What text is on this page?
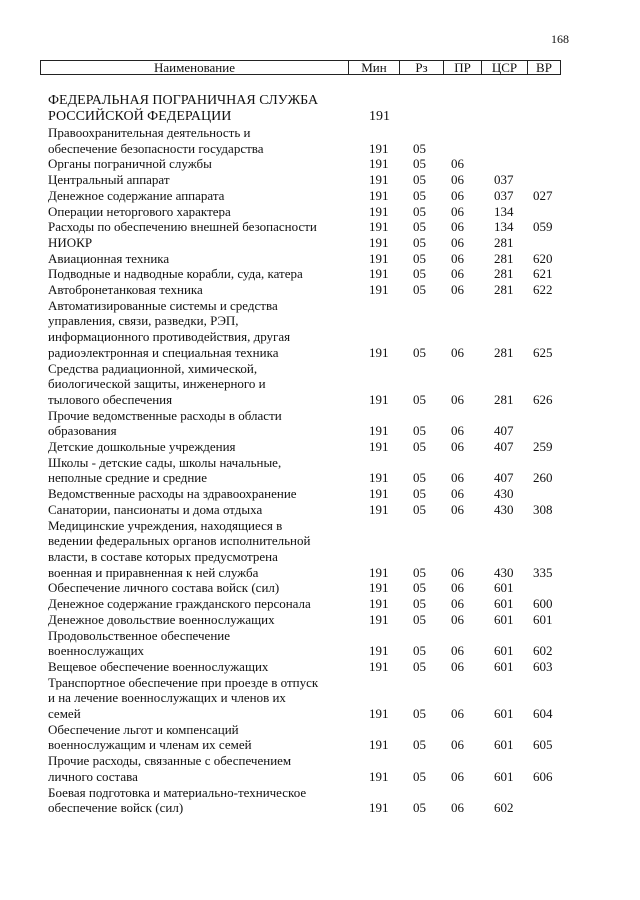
168
Наименование	Мин	Рз	ПР	ЦСР	ВР
ФЕДЕРАЛЬНАЯ ПОГРАНИЧНАЯ СЛУЖБА
РОССИЙСКОЙ ФЕДЕРАЦИИ	191
Правоохранительная деятельность и
обеспечение безопасности государства	191 05
Органы пограничной службы	191 05 06
Центральный аппарат	191 05 06 037
Денежное содержание аппарата	191 05 06 037 027
Операции неторгового характера	191 05 06 134
Расходы по обеспечению внешней безопасности	191 05 06 134 059
НИОКР	191 05 06 281
Авиационная техника	191 05 06 281 620
Подводные и надводные корабли, суда, катера	191 05 06 281 621
Автобронетанковая техника	191 05 06 281 622
Автоматизированные системы и средства
управления, связи, разведки, РЭП,
информационного противодействия, другая
радиоэлектронная и специальная техника	191 05 06 281 625
Средства радиационной, химической,
биологической защиты, инженерного и
тылового обеспечения	191 05 06 281 626
Прочие ведомственные расходы в области
образования	191 05 06 407
Детские дошкольные учреждения	191 05 06 407 259
Школы - детские сады, школы начальные,
неполные средние и средние	191 05 06 407 260
Ведомственные расходы на здравоохранение	191 05 06 430
Санатории, пансионаты и дома отдыха	191 05 06 430 308
Медицинские учреждения, находящиеся в
ведении федеральных органов исполнительной
власти, в составе которых предусмотрена
военная и приравненная к ней служба	191 05 06 430 335
Обеспечение личного состава войск (сил)	191 05 06 601
Денежное содержание гражданского персонала	191 05 06 601 600
Денежное довольствие военнослужащих	191 05 06 601 601
Продовольственное обеспечение
военнослужащих	191 05 06 601 602
Вещевое обеспечение военнослужащих	191 05 06 601 603
Транспортное обеспечение при проезде в отпуск
и на лечение военнослужащих и членов их
семей	191 05 06 601 604
Обеспечение льгот и компенсаций
военнослужащим и членам их семей	191 05 06 601 605
Прочие расходы, связанные с обеспечением
личного состава	191 05 06 601 606
Боевая подготовка и материально-техническое
обеспечение войск (сил)	191 05 06 602
